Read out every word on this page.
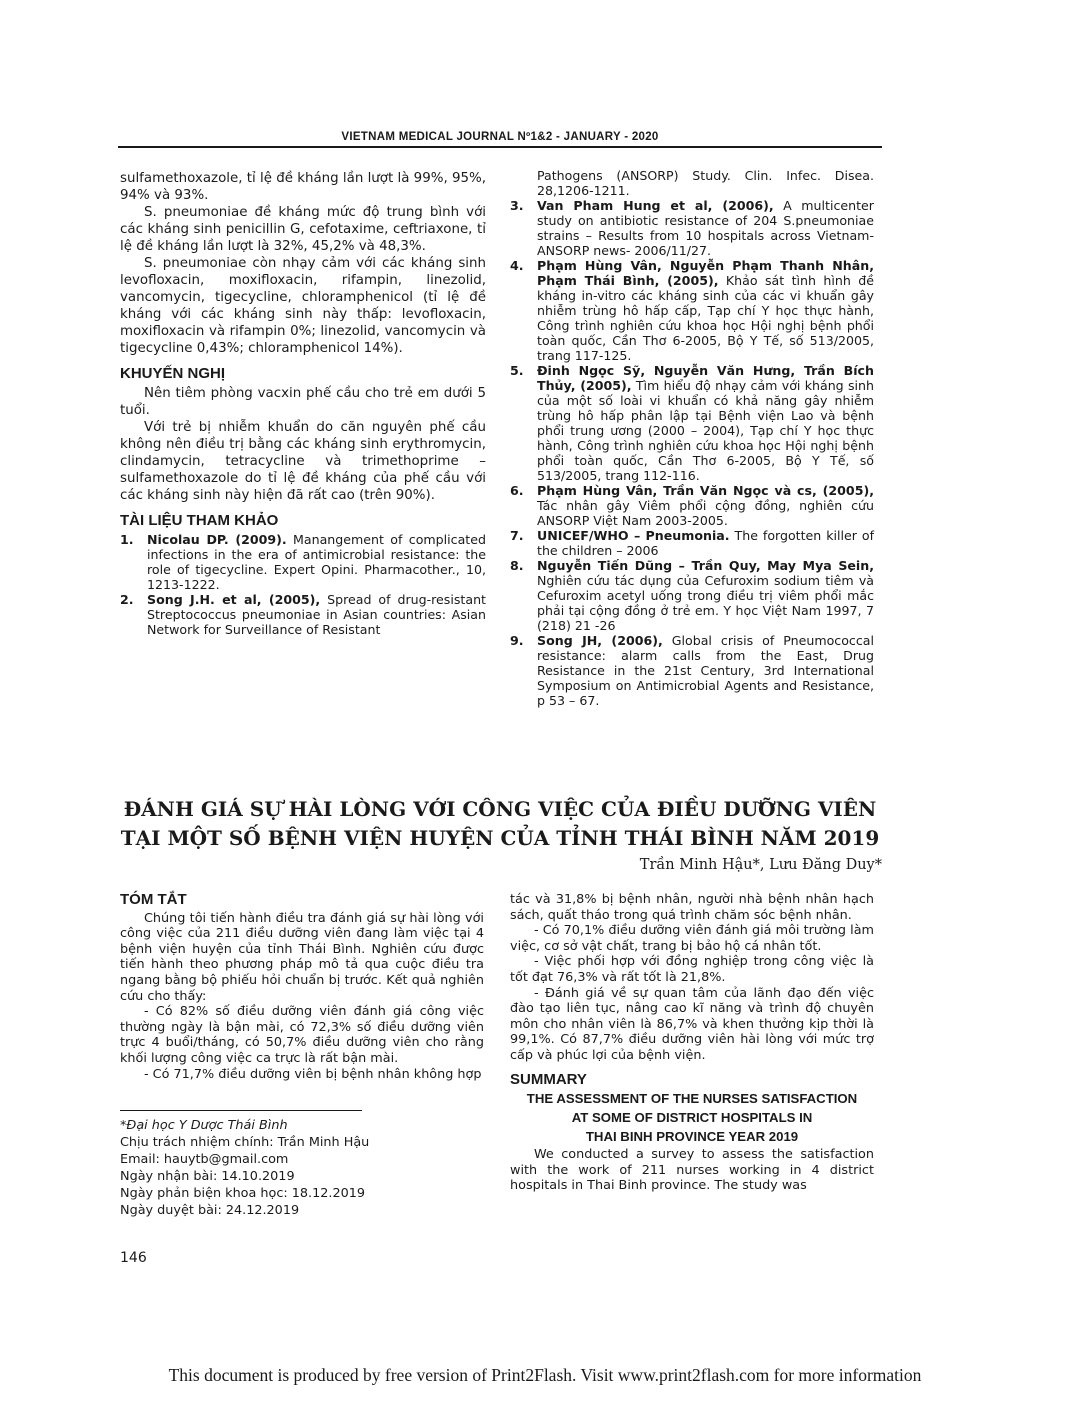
VIETNAM MEDICAL JOURNAL Nº1&2 - JANUARY - 2020

sulfamethoxazole, tỉ lệ đề kháng lần lượt là 99%, 95%, 94% và 93%.

S. pneumoniae đề kháng mức độ trung bình với các kháng sinh penicillin G, cefotaxime, ceftriaxone, tỉ lệ đề kháng lần lượt là 32%, 45,2% và 48,3%.

S. pneumoniae còn nhạy cảm với các kháng sinh levofloxacin, moxifloxacin, rifampin, linezolid, vancomycin, tigecycline, chloramphenicol (tỉ lệ đề kháng với các kháng sinh này thấp: levofloxacin, moxifloxacin và rifampin 0%; linezolid, vancomycin và tigecycline 0,43%; chloramphenicol 14%).

KHUYẾN NGHỊ

Nên tiêm phòng vacxin phế cầu cho trẻ em dưới 5 tuổi.

Với trẻ bị nhiễm khuẩn do căn nguyên phế cầu không nên điều trị bằng các kháng sinh erythromycin, clindamycin, tetracycline và trimethoprime – sulfamethoxazole do tỉ lệ đề kháng của phế cầu với các kháng sinh này hiện đã rất cao (trên 90%).

TÀI LIỆU THAM KHẢO
1. Nicolau DP. (2009). Manangement of complicated infections in the era of antimicrobial resistance: the role of tigecycline. Expert Opini. Pharmacother., 10, 1213-1222.
2. Song J.H. et al, (2005), Spread of drug-resistant Streptococcus pneumoniae in Asian countries: Asian Network for Surveillance of Resistant
Pathogens (ANSORP) Study. Clin. Infec. Disea. 28,1206-1211.
3. Van Pham Hung et al, (2006), A multicenter study on antibiotic resistance of 204 S.pneumoniae strains – Results from 10 hospitals across Vietnam- ANSORP news- 2006/11/27.
4. Phạm Hùng Vân, Nguyễn Phạm Thanh Nhân, Phạm Thái Bình, (2005), Khảo sát tình hình đề kháng in-vitro các kháng sinh của các vi khuẩn gây nhiễm trùng hô hấp cấp, Tạp chí Y học thực hành, Công trình nghiên cứu khoa học Hội nghị bệnh phổi toàn quốc, Cần Thơ 6-2005, Bộ Y Tế, số 513/2005, trang 117-125.
5. Đinh Ngọc Sỹ, Nguyễn Văn Hưng, Trần Bích Thủy, (2005), Tìm hiểu độ nhạy cảm với kháng sinh của một số loài vi khuẩn có khả năng gây nhiễm trùng hô hấp phân lập tại Bệnh viện Lao và bệnh phổi trung ương (2000 – 2004), Tạp chí Y học thực hành, Công trình nghiên cứu khoa học Hội nghị bệnh phổi toàn quốc, Cần Thơ 6-2005, Bộ Y Tế, số 513/2005, trang 112-116.
6. Phạm Hùng Vân, Trần Văn Ngọc và cs, (2005), Tác nhân gây Viêm phổi cộng đồng, nghiên cứu ANSORP Việt Nam 2003-2005.
7. UNICEF/WHO – Pneumonia. The forgotten killer of the children – 2006
8. Nguyễn Tiến Dũng – Trần Quy, May Mya Sein, Nghiên cứu tác dụng của Cefuroxim sodium tiêm và Cefuroxim acetyl uống trong điều trị viêm phổi mắc phải tại cộng đồng ở trẻ em. Y học Việt Nam 1997, 7 (218) 21 -26
9. Song JH, (2006), Global crisis of Pneumococcal resistance: alarm calls from the East, Drug Resistance in the 21st Century, 3rd International Symposium on Antimicrobial Agents and Resistance, p 53 – 67.
ĐÁNH GIÁ SỰ HÀI LÒNG VỚI CÔNG VIỆC CỦA ĐIỀU DƯỠNG VIÊN
TẠI MỘT SỐ BỆNH VIỆN HUYỆN CỦA TỈNH THÁI BÌNH NĂM 2019
Trần Minh Hậu*, Lưu Đăng Duy*
TÓM TẮT

Chúng tôi tiến hành điều tra đánh giá sự hài lòng với công việc của 211 điều dưỡng viên đang làm việc tại 4 bệnh viện huyện của tỉnh Thái Bình. Nghiên cứu được tiến hành theo phương pháp mô tả qua cuộc điều tra ngang bằng bộ phiếu hỏi chuẩn bị trước. Kết quả nghiên cứu cho thấy:

- Có 82% số điều dưỡng viên đánh giá công việc thường ngày là bận mài, có 72,3% số điều dưỡng viên trực 4 buổi/tháng, có 50,7% điều dưỡng viên cho rằng khối lượng công việc ca trực là rất bận mài.

- Có 71,7% điều dưỡng viên bị bệnh nhân không hợp

tác và 31,8% bị bệnh nhân, người nhà bệnh nhân hạch sách, quất tháo trong quá trình chăm sóc bệnh nhân.

- Có 70,1% điều dưỡng viên đánh giá môi trường làm việc, cơ sở vật chất, trang bị bảo hộ cá nhân tốt.

- Việc phối hợp với đồng nghiệp trong công việc là tốt đạt 76,3% và rất tốt là 21,8%.

- Đánh giá về sự quan tâm của lãnh đạo đến việc đào tạo liên tục, nâng cao kĩ năng và trình độ chuyên môn cho nhân viên là 86,7% và khen thưởng kịp thời là 99,1%. Có 87,7% điều dưỡng viên hài lòng với mức trợ cấp và phúc lợi của bệnh viện.

SUMMARY
THE ASSESSMENT OF THE NURSES SATISFACTION
AT SOME OF DISTRICT HOSPITALS IN
THAI BINH PROVINCE YEAR 2019

We conducted a survey to assess the satisfaction with the work of 211 nurses working in 4 district hospitals in Thai Binh province. The study was

*Đại học Y Dược Thái Bình
Chịu trách nhiệm chính: Trần Minh Hậu
Email: hauytb@gmail.com
Ngày nhận bài: 14.10.2019
Ngày phản biện khoa học: 18.12.2019
Ngày duyệt bài: 24.12.2019
146
This document is produced by free version of Print2Flash. Visit www.print2flash.com for more information
